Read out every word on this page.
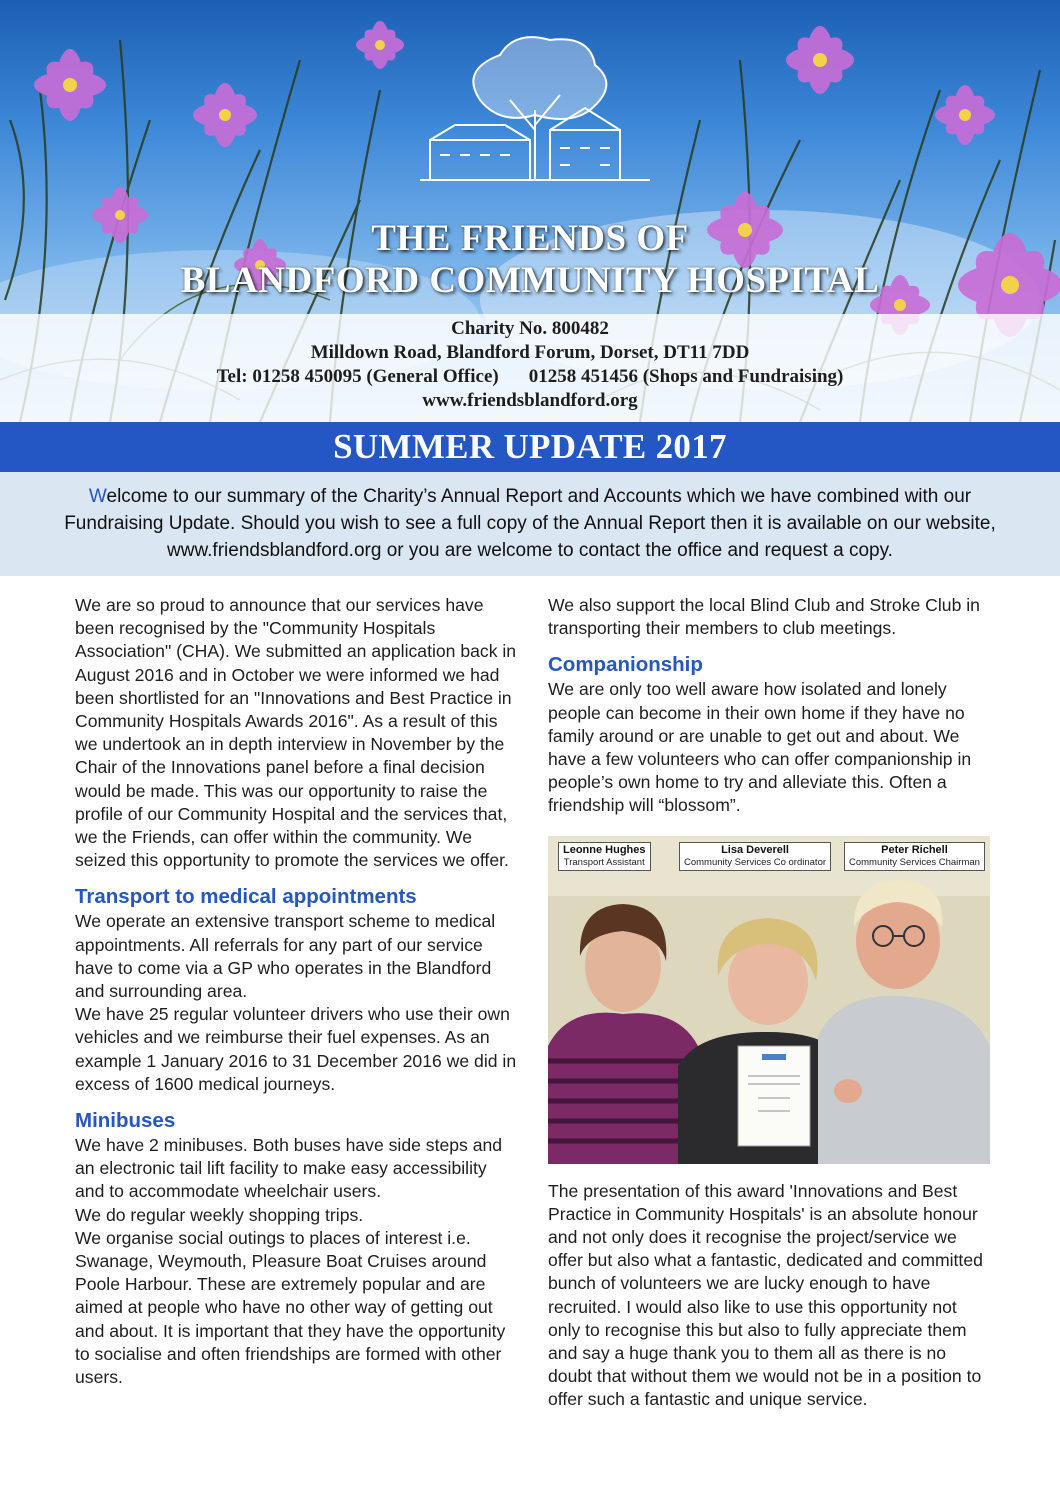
THE FRIENDS OF
BLANDFORD COMMUNITY HOSPITAL
Charity No. 800482
Milldown Road, Blandford Forum, Dorset, DT11 7DD
Tel: 01258 450095 (General Office) 01258 451456 (Shops and Fundraising)
www.friendsblandford.org
SUMMER UPDATE 2017
Welcome to our summary of the Charity’s Annual Report and Accounts which we have combined with our Fundraising Update. Should you wish to see a full copy of the Annual Report then it is available on our website, www.friendsblandford.org or you are welcome to contact the office and request a copy.

We are so proud to announce that our services have been recognised by the "Community Hospitals Association" (CHA). We submitted an application back in August 2016 and in October we were informed we had been shortlisted for an "Innovations and Best Practice in Community Hospitals Awards 2016". As a result of this we undertook an in depth interview in November by the Chair of the Innovations panel before a final decision would be made. This was our opportunity to raise the profile of our Community Hospital and the services that, we the Friends, can offer within the community. We seized this opportunity to promote the services we offer.

Transport to medical appointments

We operate an extensive transport scheme to medical appointments. All referrals for any part of our service have to come via a GP who operates in the Blandford and surrounding area.

We have 25 regular volunteer drivers who use their own vehicles and we reimburse their fuel expenses. As an example 1 January 2016 to 31 December 2016 we did in excess of 1600 medical journeys.

Minibuses

We have 2 minibuses. Both buses have side steps and an electronic tail lift facility to make easy accessibility and to accommodate wheelchair users.

We do regular weekly shopping trips.

We organise social outings to places of interest i.e. Swanage, Weymouth, Pleasure Boat Cruises around Poole Harbour. These are extremely popular and are aimed at people who have no other way of getting out and about. It is important that they have the opportunity to socialise and often friendships are formed with other users.

We also support the local Blind Club and Stroke Club in transporting their members to club meetings.

Companionship

We are only too well aware how isolated and lonely people can become in their own home if they have no family around or are unable to get out and about. We have a few volunteers who can offer companionship in people’s own home to try and alleviate this. Often a friendship will “blossom”.

Leonne Hughes
Transport Assistant
Lisa Deverell
Community Services Co ordinator
Peter Richell
Community Services Chairman

The presentation of this award 'Innovations and Best Practice in Community Hospitals' is an absolute honour and not only does it recognise the project/service we offer but also what a fantastic, dedicated and committed bunch of volunteers we are lucky enough to have recruited. I would also like to use this opportunity not only to recognise this but also to fully appreciate them and say a huge thank you to them all as there is no doubt that without them we would not be in a position to offer such a fantastic and unique service.
